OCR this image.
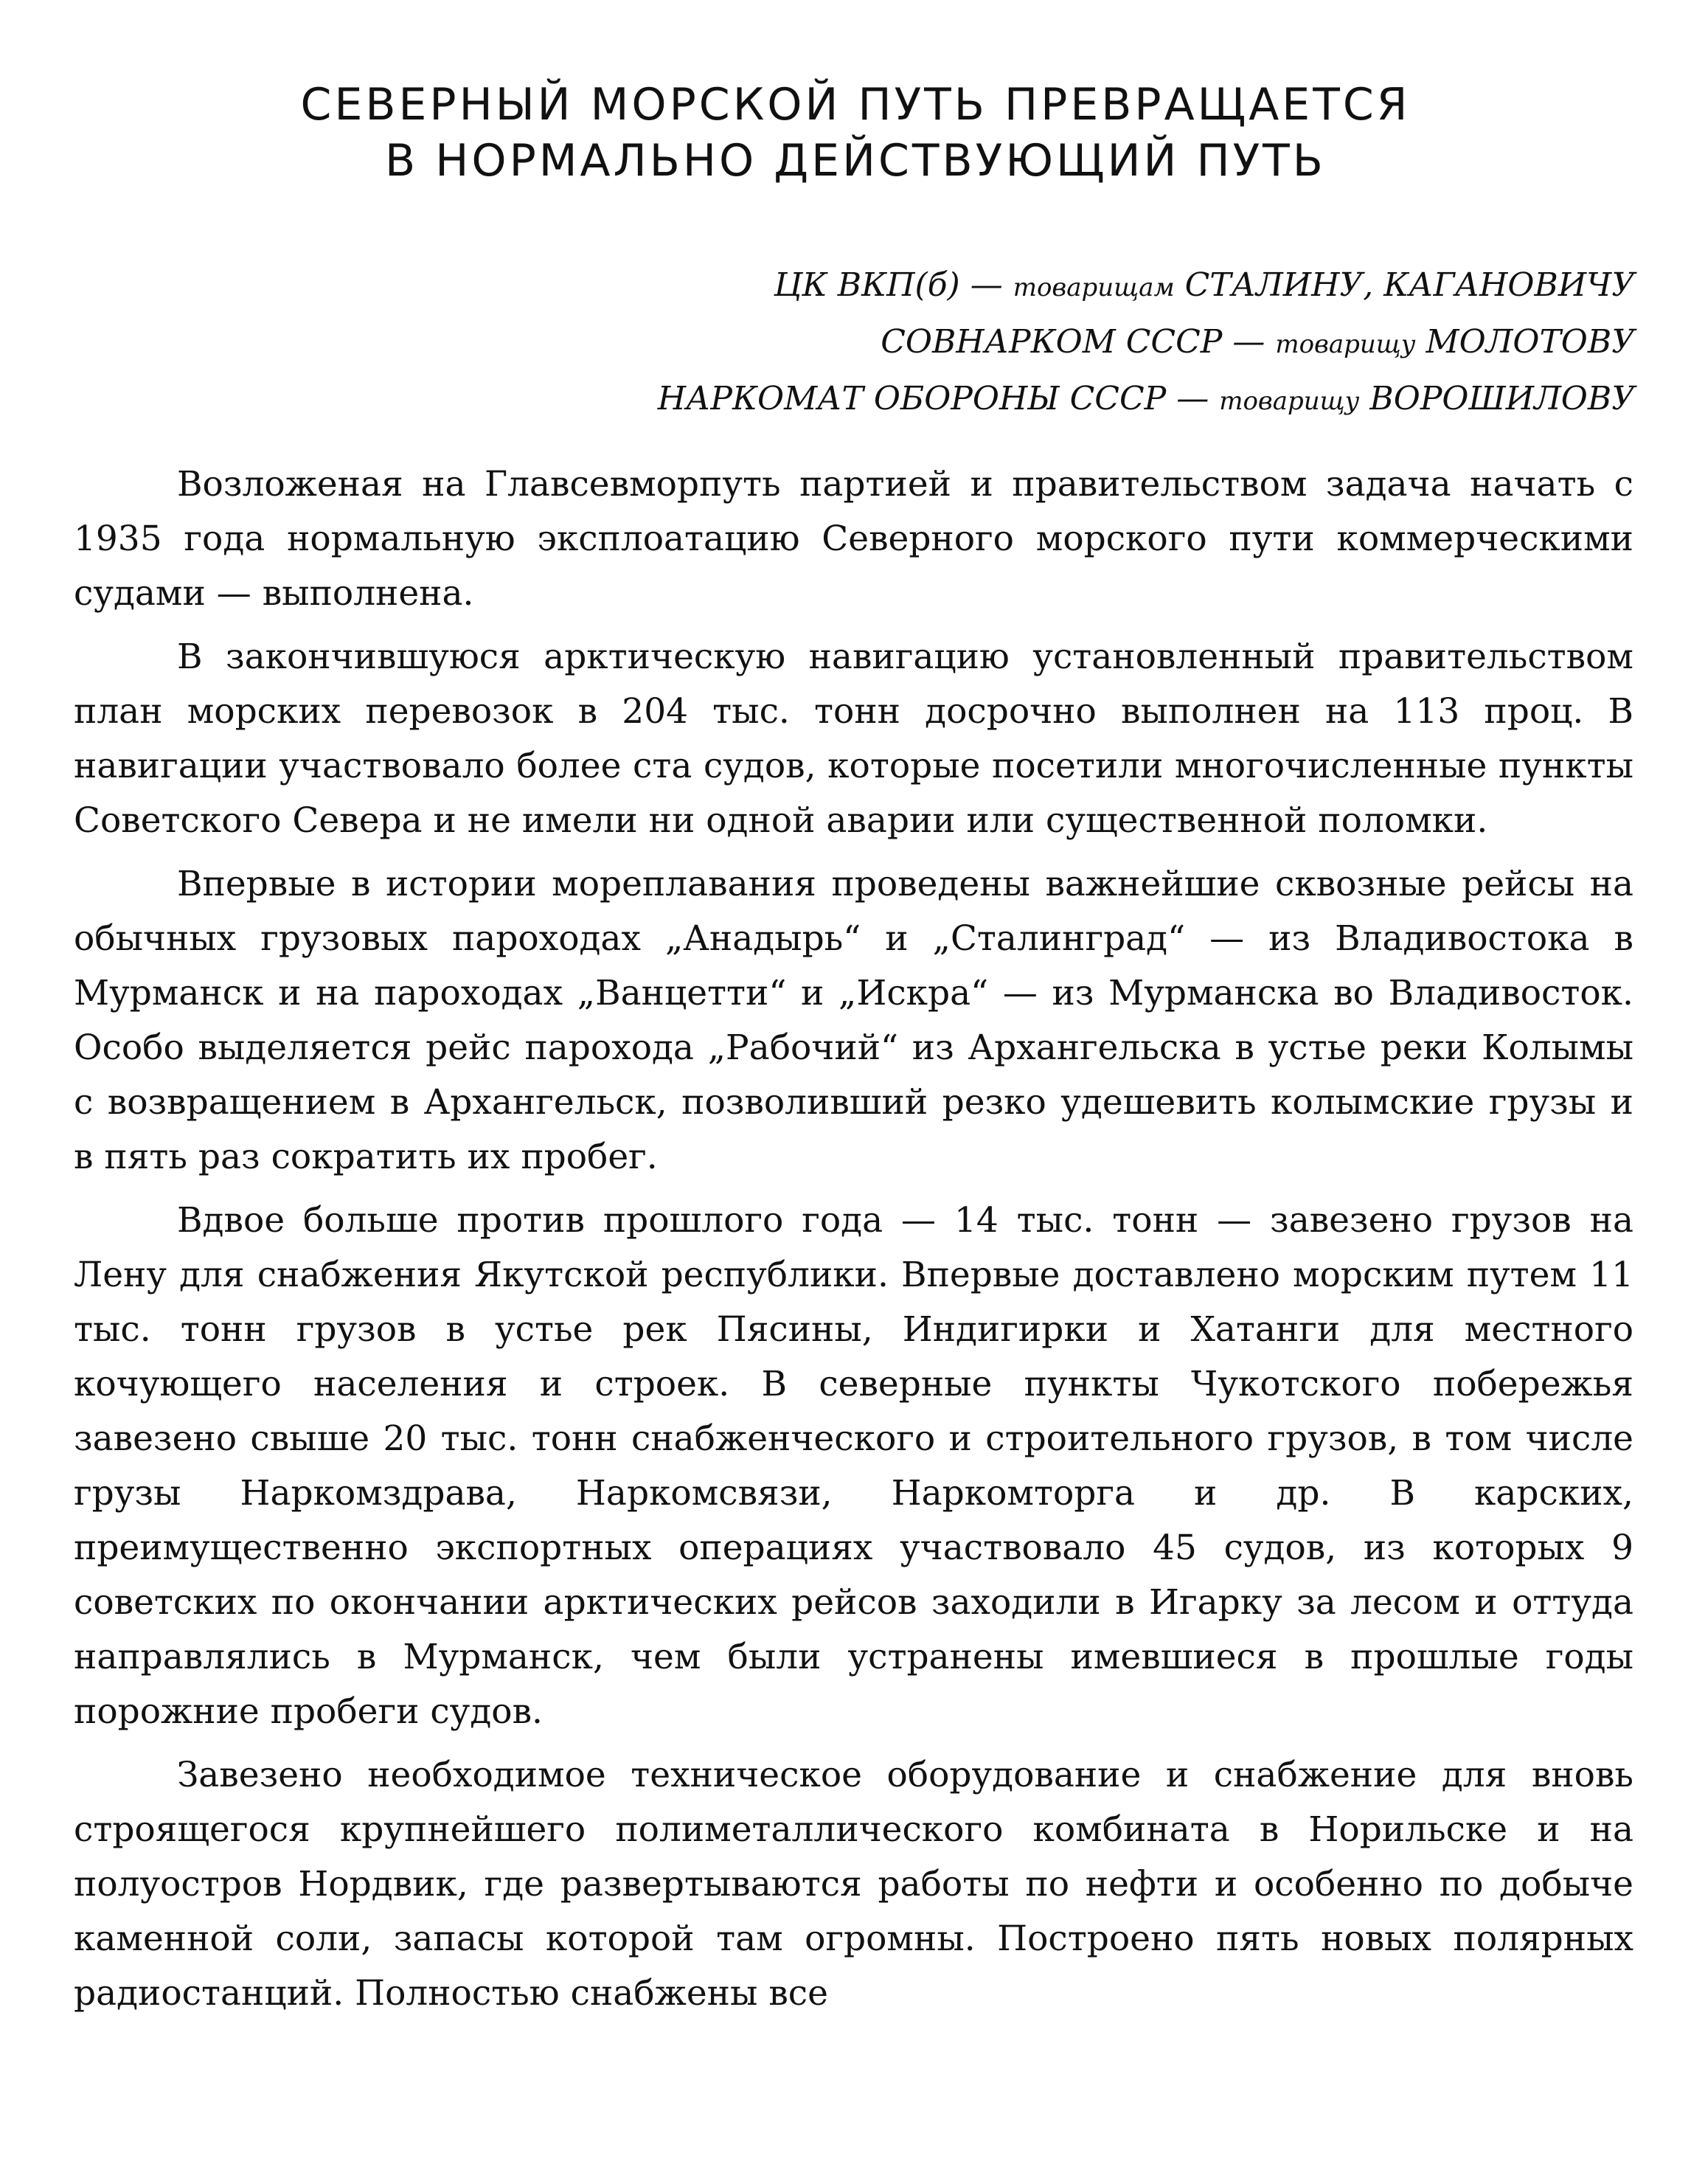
СЕВЕРНЫЙ МОРСКОЙ ПУТЬ ПРЕВРАЩАЕТСЯ
В НОРМАЛЬНО ДЕЙСТВУЮЩИЙ ПУТЬ
ЦК ВКП(б) — товарищам СТАЛИНУ, КАГАНОВИЧУ
СОВНАРКОМ СССР — товарищу МОЛОТОВУ
НАРКОМАТ ОБОРОНЫ СССР — товарищу ВОРОШИЛОВУ

Возложеная на Главсевморпуть партией и правительством задача начать с 1935 года нормальную эксплоатацию Северного морского пути коммерческими судами — выполнена.

В закончившуюся арктическую навигацию установленный правительством план морских перевозок в 204 тыс. тонн досрочно выполнен на 113 проц. В навигации участвовало более ста судов, которые посетили многочисленные пункты Советского Севера и не имели ни одной аварии или существенной поломки.

Впервые в истории мореплавания проведены важнейшие сквозные рейсы на обычных грузовых пароходах „Анадырь“ и „Сталинград“ — из Владивостока в Мурманск и на пароходах „Ванцетти“ и „Искра“ — из Мурманска во Владивосток. Особо выделяется рейс парохода „Рабочий“ из Архангельска в устье реки Колымы с возвращением в Архангельск, позволивший резко удешевить колымские грузы и в пять раз сократить их пробег.

Вдвое больше против прошлого года — 14 тыс. тонн — завезено грузов на Лену для снабжения Якутской республики. Впервые доставлено морским путем 11 тыс. тонн грузов в устье рек Пясины, Индигирки и Хатанги для местного кочующего населения и строек. В северные пункты Чукотского побережья завезено свыше 20 тыс. тонн снабженческого и строительного грузов, в том числе грузы Наркомздрава, Наркомсвязи, Наркомторга и др. В карских, преимущественно экспортных операциях участвовало 45 судов, из которых 9 советских по окончании арктических рейсов заходили в Игарку за лесом и оттуда направлялись в Мурманск, чем были устранены имевшиеся в прошлые годы порожние пробеги судов.

Завезено необходимое техническое оборудование и снабжение для вновь строящегося крупнейшего полиметаллического комбината в Норильске и на полуостров Нордвик, где развертываются работы по нефти и особенно по добыче каменной соли, запасы которой там огромны. Построено пять новых полярных радиостанций. Полностью снабжены все
